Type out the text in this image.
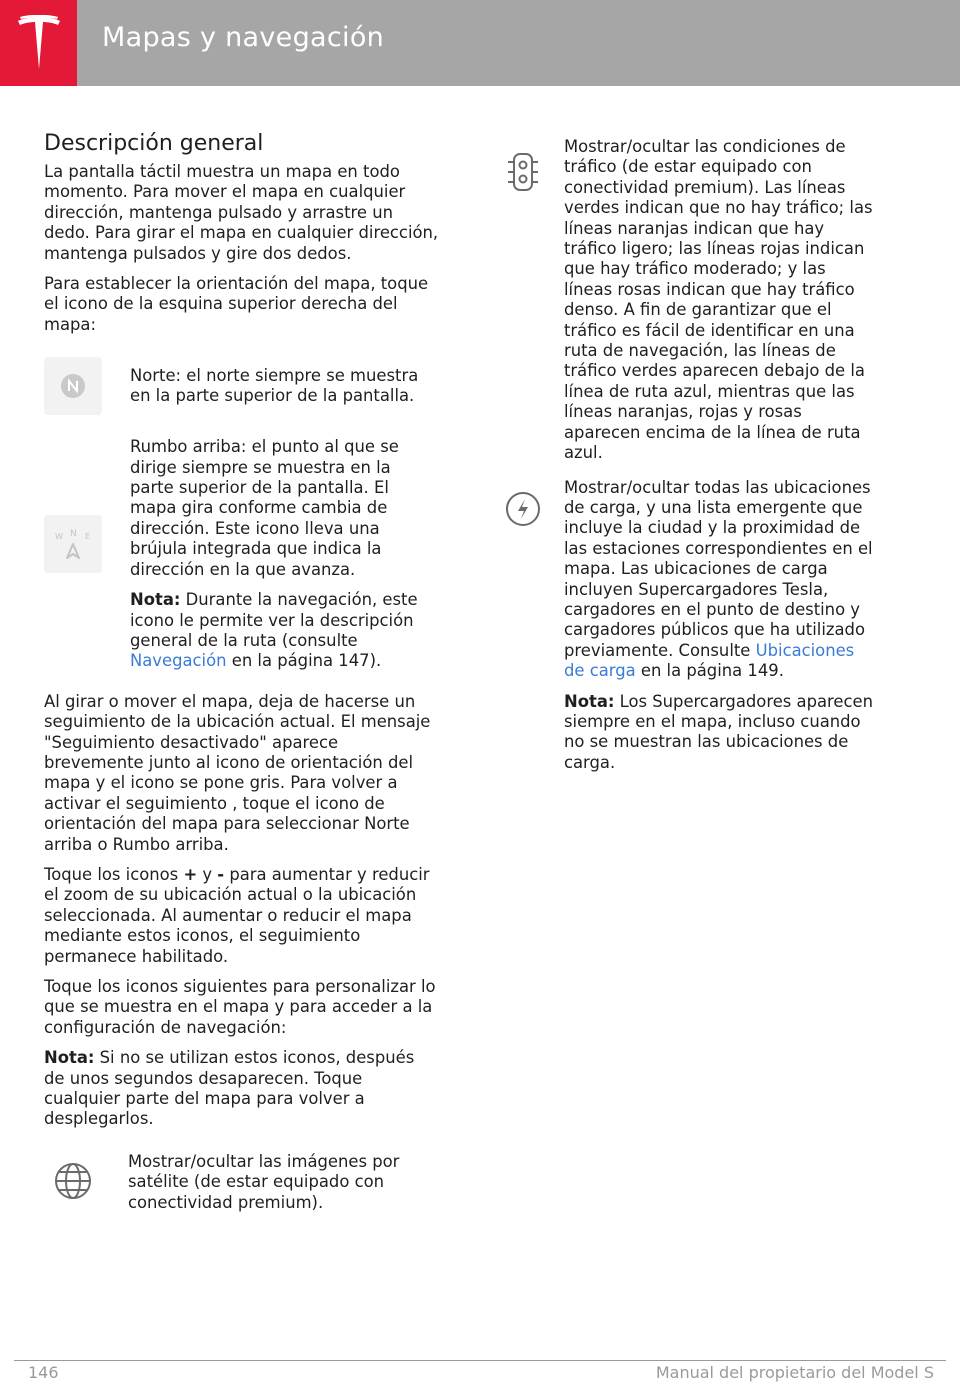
Mapas y navegación
Descripción general

La pantalla táctil muestra un mapa en todo momento. Para mover el mapa en cualquier dirección, mantenga pulsado y arrastre un dedo. Para girar el mapa en cualquier dirección, mantenga pulsados y gire dos dedos.

Para establecer la orientación del mapa, toque el icono de la esquina superior derecha del mapa:

Norte: el norte siempre se muestra en la parte superior de la pantalla.
W N E

Rumbo arriba: el punto al que se dirige siempre se muestra en la parte superior de la pantalla. El mapa gira conforme cambia de dirección. Este icono lleva una brújula integrada que indica la dirección en la que avanza.

Nota: Durante la navegación, este icono le permite ver la descripción general de la ruta (consulte Navegación en la página 147).

Al girar o mover el mapa, deja de hacerse un seguimiento de la ubicación actual. El mensaje "Seguimiento desactivado" aparece brevemente junto al icono de orientación del mapa y el icono se pone gris. Para volver a activar el seguimiento , toque el icono de orientación del mapa para seleccionar Norte arriba o Rumbo arriba.

Toque los iconos + y - para aumentar y reducir el zoom de su ubicación actual o la ubicación seleccionada. Al aumentar o reducir el mapa mediante estos iconos, el seguimiento permanece habilitado.

Toque los iconos siguientes para personalizar lo que se muestra en el mapa y para acceder a la configuración de navegación:

Nota: Si no se utilizan estos iconos, después de unos segundos desaparecen. Toque cualquier parte del mapa para volver a desplegarlos.

Mostrar/ocultar las imágenes por satélite (de estar equipado con conectividad premium).
Mostrar/ocultar las condiciones de tráfico (de estar equipado con conectividad premium). Las líneas verdes indican que no hay tráfico; las líneas naranjas indican que hay tráfico ligero; las líneas rojas indican que hay tráfico moderado; y las líneas rosas indican que hay tráfico denso. A fin de garantizar que el tráfico es fácil de identificar en una ruta de navegación, las líneas de tráfico verdes aparecen debajo de la línea de ruta azul, mientras que las líneas naranjas, rojas y rosas aparecen encima de la línea de ruta azul.

Mostrar/ocultar todas las ubicaciones de carga, y una lista emergente que incluye la ciudad y la proximidad de las estaciones correspondientes en el mapa. Las ubicaciones de carga incluyen Supercargadores Tesla, cargadores en el punto de destino y cargadores públicos que ha utilizado previamente. Consulte Ubicaciones de carga en la página 149.

Nota: Los Supercargadores aparecen siempre en el mapa, incluso cuando no se muestran las ubicaciones de carga.

146	Manual del propietario del Model S
